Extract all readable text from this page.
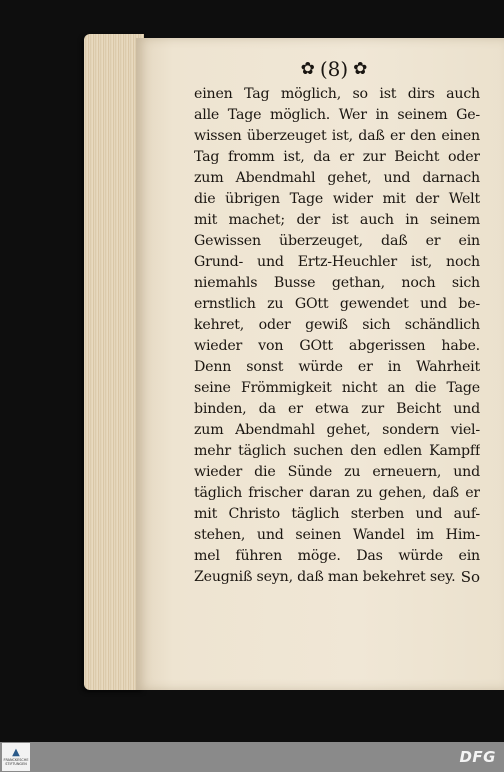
✿ (8) ✿
einen Tag möglich, so ist dirs auch
alle Tage möglich. Wer in seinem Ge-
wissen überzeuget ist, daß er den einen
Tag fromm ist, da er zur Beicht oder
zum Abendmahl gehet, und darnach
die übrigen Tage wider mit der Welt
mit machet; der ist auch in seinem
Gewissen überzeuget, daß er ein
Grund- und Ertz-Heuchler ist, noch
niemahls Busse gethan, noch sich
ernstlich zu GOtt gewendet und be-
kehret, oder gewiß sich schändlich
wieder von GOtt abgerissen habe.
Denn sonst würde er in Wahrheit
seine Frömmigkeit nicht an die Tage
binden, da er etwa zur Beicht und
zum Abendmahl gehet, sondern viel-
mehr täglich suchen den edlen Kampff
wieder die Sünde zu erneuern, und
täglich frischer daran zu gehen, daß er
mit Christo täglich sterben und auf-
stehen, und seinen Wandel im Him-
mel führen möge. Das würde ein
Zeugniß seyn, daß man bekehret sey. So
▲
FRANCKESCHE STIFTUNGEN	DFG
